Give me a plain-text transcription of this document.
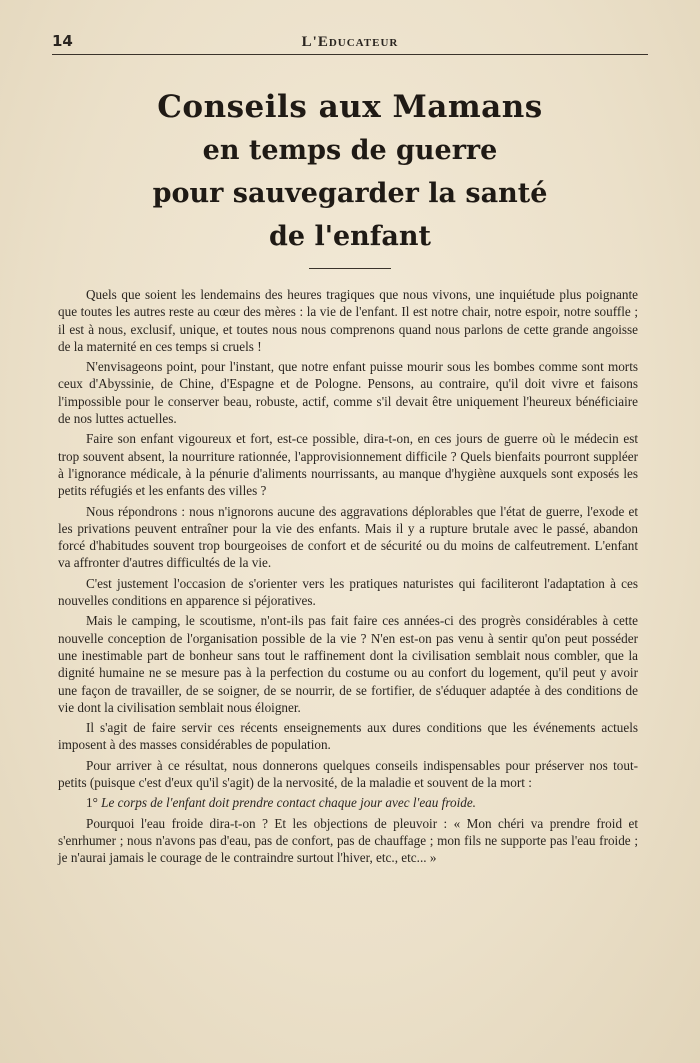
14	L'Educateur
Conseils aux Mamans
en temps de guerre
pour sauvegarder la santé
de l'enfant

Quels que soient les lendemains des heures tragiques que nous vivons, une inquiétude plus poignante que toutes les autres reste au cœur des mères : la vie de l'enfant. Il est notre chair, notre espoir, notre souffle ; il est à nous, exclusif, unique, et toutes nous nous comprenons quand nous parlons de cette grande angoisse de la maternité en ces temps si cruels !

N'envisageons point, pour l'instant, que notre enfant puisse mourir sous les bombes comme sont morts ceux d'Abyssinie, de Chine, d'Espagne et de Pologne. Pensons, au contraire, qu'il doit vivre et faisons l'impossible pour le conserver beau, robuste, actif, comme s'il devait être uniquement l'heureux bénéficiaire de nos luttes actuelles.

Faire son enfant vigoureux et fort, est-ce possible, dira-t-on, en ces jours de guerre où le médecin est trop souvent absent, la nourriture rationnée, l'approvisionnement difficile ? Quels bienfaits pourront suppléer à l'ignorance médicale, à la pénurie d'aliments nourrissants, au manque d'hygiène auxquels sont exposés les petits réfugiés et les enfants des villes ?

Nous répondrons : nous n'ignorons aucune des aggravations déplorables que l'état de guerre, l'exode et les privations peuvent entraîner pour la vie des enfants. Mais il y a rupture brutale avec le passé, abandon forcé d'habitudes souvent trop bourgeoises de confort et de sécurité ou du moins de calfeutrement. L'enfant va affronter d'autres difficultés de la vie.

C'est justement l'occasion de s'orienter vers les pratiques naturistes qui faciliteront l'adaptation à ces nouvelles conditions en apparence si péjoratives.

Mais le camping, le scoutisme, n'ont-ils pas fait faire ces années-ci des progrès considérables à cette nouvelle conception de l'organisation possible de la vie ? N'en est-on pas venu à sentir qu'on peut posséder une inestimable part de bonheur sans tout le raffinement dont la civilisation semblait nous combler, que la dignité humaine ne se mesure pas à la perfection du costume ou au confort du logement, qu'il peut y avoir une façon de travailler, de se soigner, de se nourrir, de se fortifier, de s'éduquer adaptée à des conditions de vie dont la civilisation semblait nous éloigner.

Il s'agit de faire servir ces récents enseignements aux dures conditions que les événements actuels imposent à des masses considérables de population.

Pour arriver à ce résultat, nous donnerons quelques conseils indispensables pour préserver nos tout-petits (puisque c'est d'eux qu'il s'agit) de la nervosité, de la maladie et souvent de la mort :

1° Le corps de l'enfant doit prendre contact chaque jour avec l'eau froide.

Pourquoi l'eau froide dira-t-on ? Et les objections de pleuvoir : « Mon chéri va prendre froid et s'enrhumer ; nous n'avons pas d'eau, pas de confort, pas de chauffage ; mon fils ne supporte pas l'eau froide ; je n'aurai jamais le courage de le contraindre surtout l'hiver, etc., etc... »
